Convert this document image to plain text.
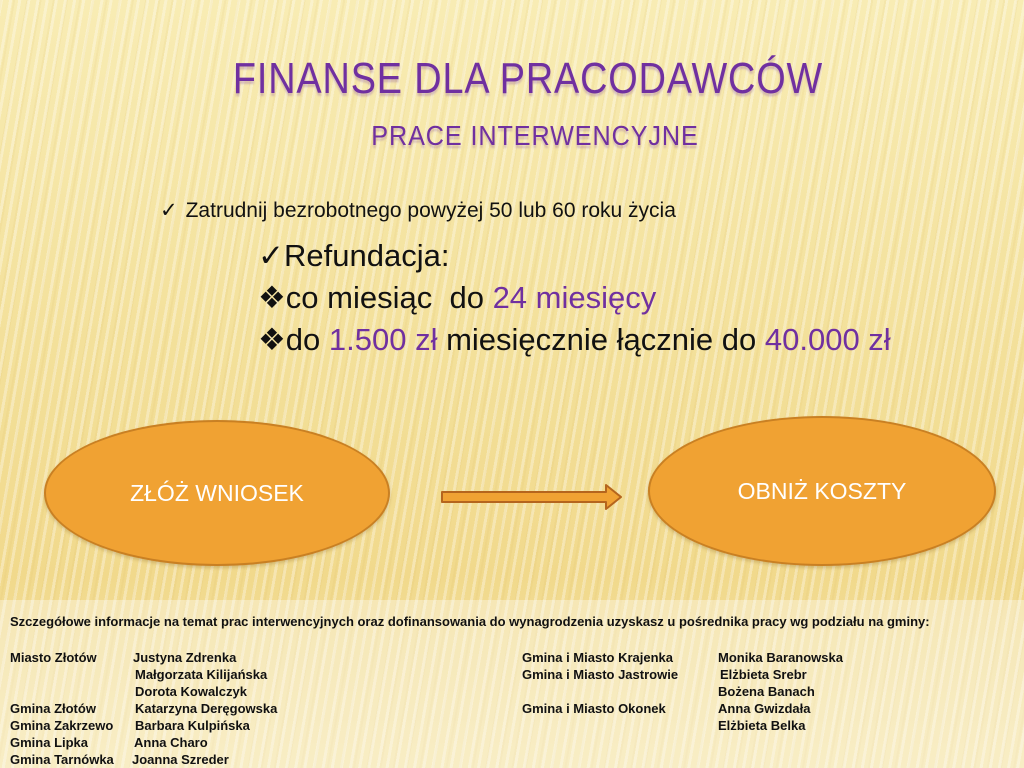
FINANSE DLA PRACODAWCÓW
PRACE INTERWENCYJNE
✓ Zatrudnij bezrobotnego powyżej 50 lub 60 roku życia
✓Refundacja:
❖co miesiąc  do 24 miesięcy
❖do 1.500 zł miesięcznie łącznie do 40.000 zł
ZŁÓŻ WNIOSEK	OBNIŻ KOSZTY
Szczegółowe informacje na temat prac interwencyjnych oraz dofinansowania do wynagrodzenia uzyskasz u pośrednika pracy wg podziału na gminy:
Miasto Złotów	Justyna Zdrenka
Małgorzata Kilijańska
Dorota Kowalczyk
Gmina Złotów	Katarzyna Deręgowska
Gmina Zakrzewo Barbara Kulpińska
Gmina Lipka	Anna Charo
Gmina Tarnówka Joanna Szreder
Gmina i Miasto Krajenka	Monika Baranowska
Gmina i Miasto Jastrowie	Elżbieta Srebr
Bożena Banach
Gmina i Miasto Okonek	Anna Gwizdała
Elżbieta Belka
